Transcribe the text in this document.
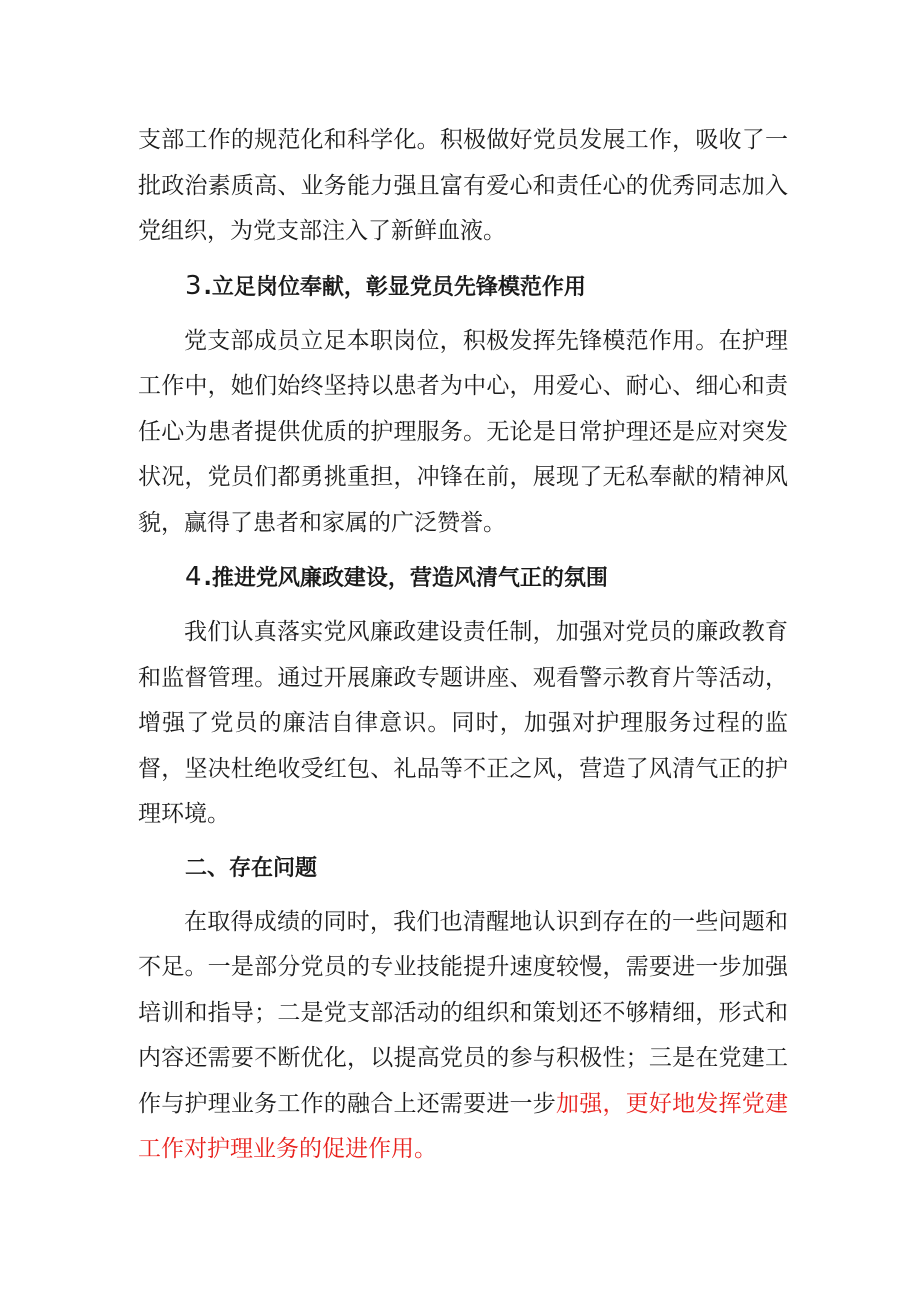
支部工作的规范化和科学化。积极做好党员发展工作，吸收了一批政治素质高、业务能力强且富有爱心和责任心的优秀同志加入党组织，为党支部注入了新鲜血液。

3.立足岗位奉献，彰显党员先锋模范作用

党支部成员立足本职岗位，积极发挥先锋模范作用。在护理工作中，她们始终坚持以患者为中心，用爱心、耐心、细心和责任心为患者提供优质的护理服务。无论是日常护理还是应对突发状况，党员们都勇挑重担，冲锋在前，展现了无私奉献的精神风貌，赢得了患者和家属的广泛赞誉。

4.推进党风廉政建设，营造风清气正的氛围

我们认真落实党风廉政建设责任制，加强对党员的廉政教育和监督管理。通过开展廉政专题讲座、观看警示教育片等活动，增强了党员的廉洁自律意识。同时，加强对护理服务过程的监督，坚决杜绝收受红包、礼品等不正之风，营造了风清气正的护理环境。

二、存在问题

在取得成绩的同时，我们也清醒地认识到存在的一些问题和不足。一是部分党员的专业技能提升速度较慢，需要进一步加强培训和指导；二是党支部活动的组织和策划还不够精细，形式和内容还需要不断优化，以提高党员的参与积极性；三是在党建工作与护理业务工作的融合上还需要进一步加强，更好地发挥党建工作对护理业务的促进作用。
